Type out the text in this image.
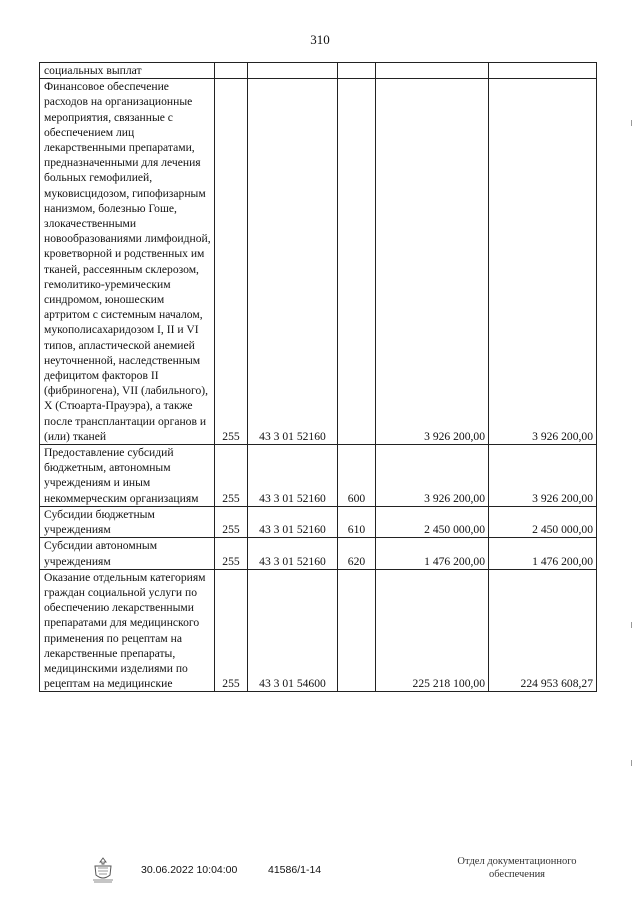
310
социальных выплат					
Финансовое обеспечение расходов на организационные мероприятия, связанные с обеспечением лиц лекарственными препаратами, предназначенными для лечения больных гемофилией, муковисцидозом, гипофизарным нанизмом, болезнью Гоше, злокачественными новообразованиями лимфоидной, кроветворной и родственных им тканей, рассеянным склерозом, гемолитико-уремическим синдромом, юношеским артритом с системным началом, мукополисахаридозом I, II и VI типов, апластической анемией неуточненной, наследственным дефицитом факторов II (фибриногена), VII (лабильного), X (Стюарта-Прауэра), а также после трансплантации органов и (или) тканей	255	43 3 01 52160		3 926 200,00	3 926 200,00
Предоставление субсидий бюджетным, автономным учреждениям и иным некоммерческим организациям	255	43 3 01 52160	600	3 926 200,00	3 926 200,00
Субсидии бюджетным учреждениям	255	43 3 01 52160	610	2 450 000,00	2 450 000,00
Субсидии автономным учреждениям	255	43 3 01 52160	620	1 476 200,00	1 476 200,00
Оказание отдельным категориям граждан социальной услуги по обеспечению лекарственными препаратами для медицинского применения по рецептам на лекарственные препараты, медицинскими изделиями по рецептам на медицинские	255	43 3 01 54600		225 218 100,00	224 953 608,27
30.06.2022 10:04:00	41586/1-14
Отдел документационного
обеспечения
